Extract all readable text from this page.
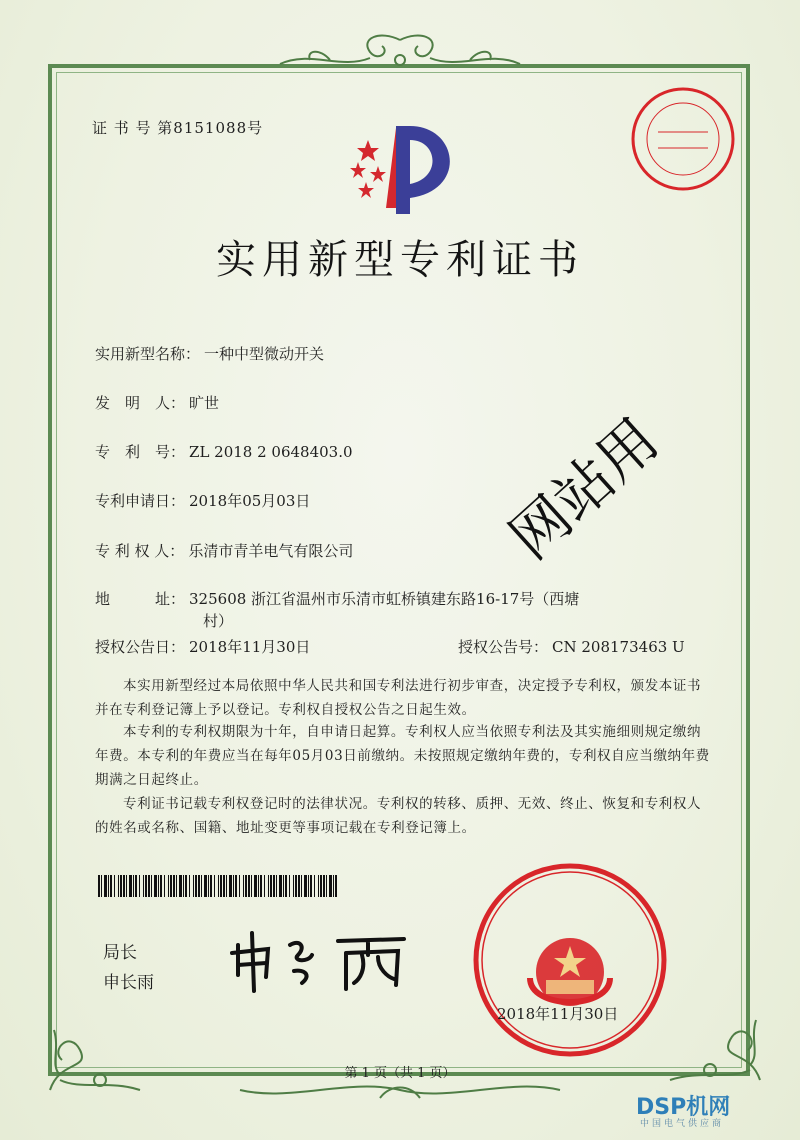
证 书 号 第8151088号
实用新型专利证书
实用新型名称： 一种中型微动开关
发　明　人： 旷世
专　利　号： ZL 2018 2 0648403.0
专利申请日： 2018年05月03日
专 利 权 人： 乐清市青羊电气有限公司
地　　　址： 325608 浙江省温州市乐清市虹桥镇建东路16-17号（西塘
村）
授权公告日： 2018年11月30日	授权公告号： CN 208173463 U
本实用新型经过本局依照中华人民共和国专利法进行初步审查，决定授予专利权，颁发本证书并在专利登记簿上予以登记。专利权自授权公告之日起生效。
本专利的专利权期限为十年，自申请日起算。专利权人应当依照专利法及其实施细则规定缴纳年费。本专利的年费应当在每年05月03日前缴纳。未按照规定缴纳年费的，专利权自应当缴纳年费期满之日起终止。
专利证书记载专利权登记时的法律状况。专利权的转移、质押、无效、终止、恢复和专利权人的姓名或名称、国籍、地址变更等事项记载在专利登记簿上。
局长
申长雨
2018年11月30日
第 1 页（共 1 页）
网站用
DSP机网
中国电气供应商
